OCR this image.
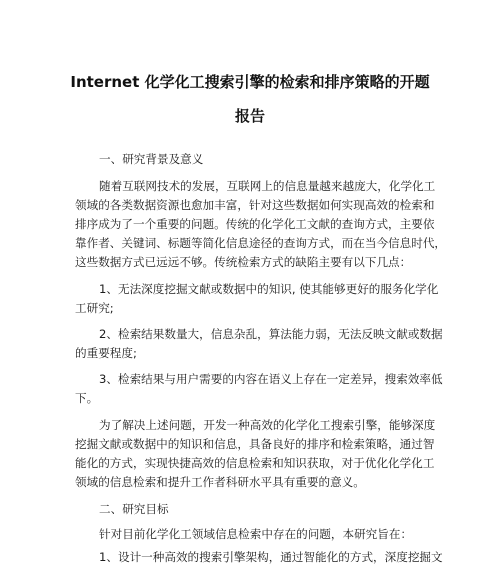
Internet 化学化工搜索引擎的检索和排序策略的开题
报告
一、研究背景及意义
随着互联网技术的发展，互联网上的信息量越来越庞大，化学化工
领域的各类数据资源也愈加丰富，针对这些数据如何实现高效的检索和
排序成为了一个重要的问题。传统的化学化工文献的查询方式，主要依
靠作者、关键词、标题等简化信息途径的查询方式，而在当今信息时代，
这些数据方式已远远不够。传统检索方式的缺陷主要有以下几点：
1、无法深度挖掘文献或数据中的知识, 使其能够更好的服务化学化
工研究;
2、检索结果数量大，信息杂乱，算法能力弱，无法反映文献或数据
的重要程度;
3、检索结果与用户需要的内容在语义上存在一定差异，搜索效率低
下。
为了解决上述问题，开发一种高效的化学化工搜索引擎，能够深度
挖掘文献或数据中的知识和信息，具备良好的排序和检索策略，通过智
能化的方式，实现快捷高效的信息检索和知识获取，对于优化化学化工
领域的信息检索和提升工作者科研水平具有重要的意义。
二、研究目标
针对目前化学化工领域信息检索中存在的问题，本研究旨在：
1、设计一种高效的搜索引擎架构，通过智能化的方式，深度挖掘文
